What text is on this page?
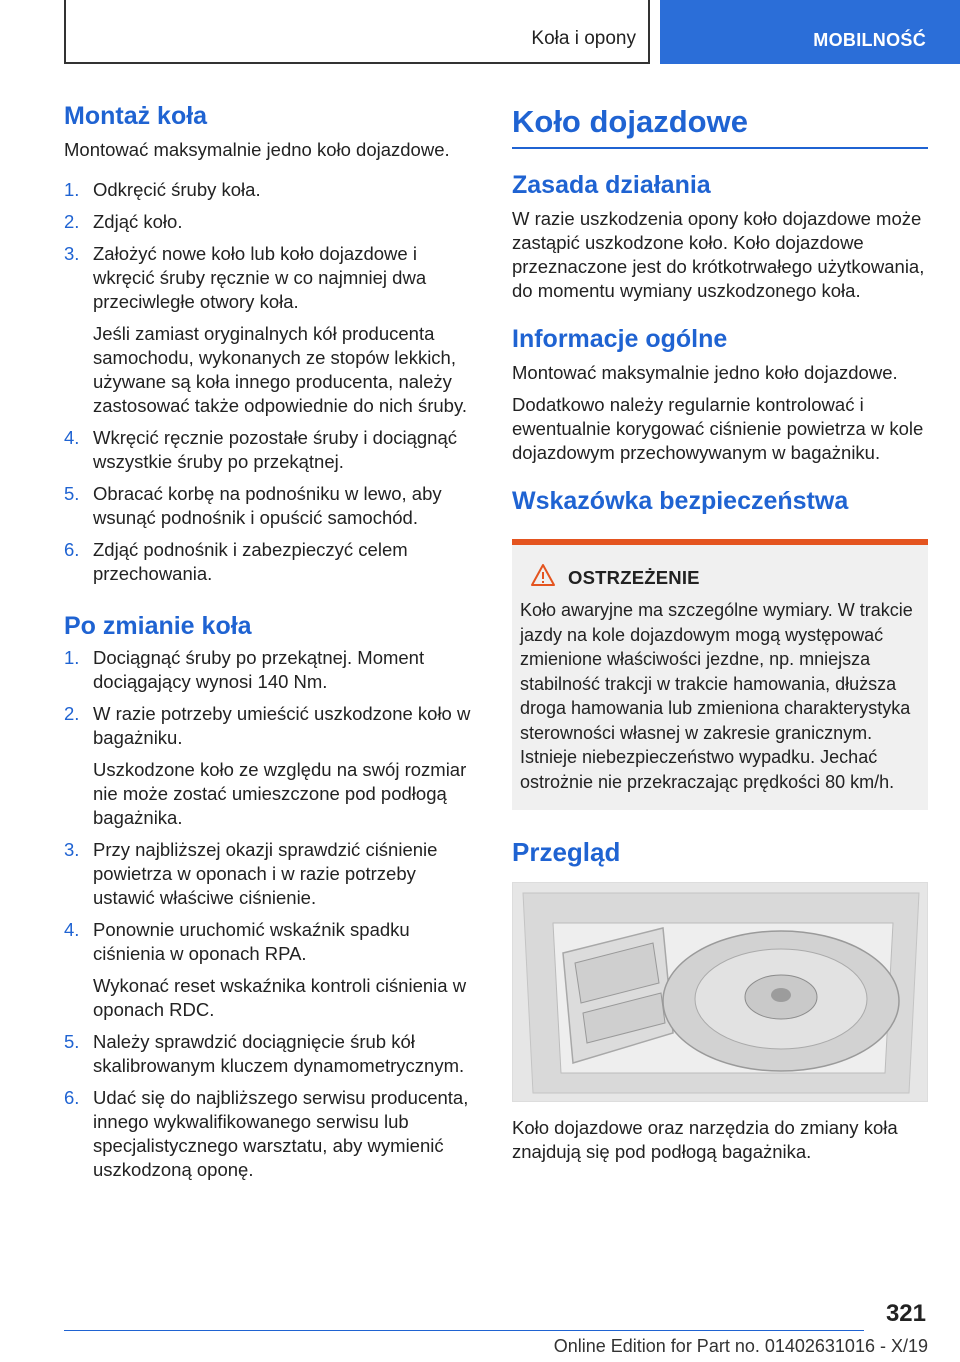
Koła i opony	MOBILNOŚĆ
Montaż koła

Montować maksymalnie jedno koło dojazdowe.

1. Odkręcić śruby koła.
2. Zdjąć koło.
3. Założyć nowe koło lub koło dojazdowe i wkręcić śruby ręcznie w co najmniej dwa przeciwległe otwory koła.
Jeśli zamiast oryginalnych kół producenta samochodu, wykonanych ze stopów lekkich, używane są koła innego producenta, należy zastosować także odpowiednie do nich śruby.
4. Wkręcić ręcznie pozostałe śruby i dociągnąć wszystkie śruby po przekątnej.
5. Obracać korbę na podnośniku w lewo, aby wsunąć podnośnik i opuścić samochód.
6. Zdjąć podnośnik i zabezpieczyć celem przechowania.
Po zmianie koła
1. Dociągnąć śruby po przekątnej. Moment dociągający wynosi 140 Nm.
2. W razie potrzeby umieścić uszkodzone koło w bagażniku.
Uszkodzone koło ze względu na swój rozmiar nie może zostać umieszczone pod podłogą bagażnika.
3. Przy najbliższej okazji sprawdzić ciśnienie powietrza w oponach i w razie potrzeby ustawić właściwe ciśnienie.
4. Ponownie uruchomić wskaźnik spadku ciśnienia w oponach RPA.
Wykonać reset wskaźnika kontroli ciśnienia w oponach RDC.
5. Należy sprawdzić dociągnięcie śrub kół skalibrowanym kluczem dynamometrycznym.
6. Udać się do najbliższego serwisu producenta, innego wykwalifikowanego serwisu lub specjalistycznego warsztatu, aby wymienić uszkodzoną oponę.
Koło dojazdowe
Zasada działania

W razie uszkodzenia opony koło dojazdowe może zastąpić uszkodzone koło. Koło dojazdowe przeznaczone jest do krótkotrwałego użytkowania, do momentu wymiany uszkodzonego koła.

Informacje ogólne

Montować maksymalnie jedno koło dojazdowe.

Dodatkowo należy regularnie kontrolować i ewentualnie korygować ciśnienie powietrza w kole dojazdowym przechowywanym w bagażniku.

Wskazówka bezpieczeństwa
OSTRZEŻENIE

Koło awaryjne ma szczególne wymiary. W trakcie jazdy na kole dojazdowym mogą występować zmienione właściwości jezdne, np. mniejsza stabilność trakcji w trakcie hamowania, dłuższa droga hamowania lub zmieniona charakterystyka sterowności własnej w zakresie granicznym. Istnieje niebezpieczeństwo wypadku. Jechać ostrożnie nie przekraczając prędkości 80 km/h.

Przegląd

Koło dojazdowe oraz narzędzia do zmiany koła znajdują się pod podłogą bagażnika.

321
Online Edition for Part no. 01402631016 - X/19
